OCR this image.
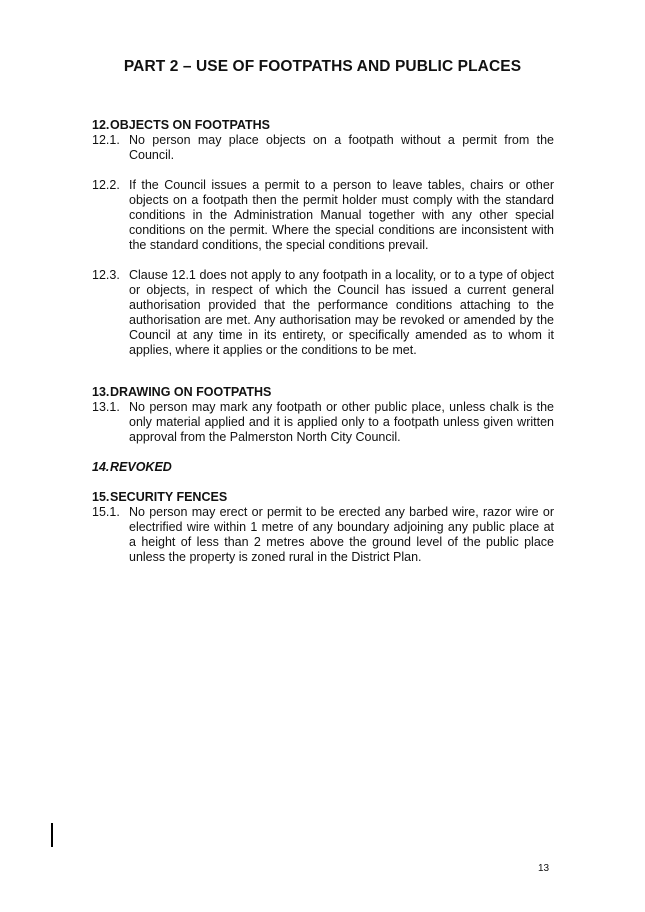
PART 2 – USE OF FOOTPATHS AND PUBLIC PLACES
12.OBJECTS ON FOOTPATHS
12.1. No person may place objects on a footpath without a permit from the Council.
12.2. If the Council issues a permit to a person to leave tables, chairs or other objects on a footpath then the permit holder must comply with the standard conditions in the Administration Manual together with any other special conditions on the permit. Where the special conditions are inconsistent with the standard conditions, the special conditions prevail.
12.3. Clause 12.1 does not apply to any footpath in a locality, or to a type of object or objects, in respect of which the Council has issued a current general authorisation provided that the performance conditions attaching to the authorisation are met. Any authorisation may be revoked or amended by the Council at any time in its entirety, or specifically amended as to whom it applies, where it applies or the conditions to be met.
13.DRAWING ON FOOTPATHS
13.1. No person may mark any footpath or other public place, unless chalk is the only material applied and it is applied only to a footpath unless given written approval from the Palmerston North City Council.
14.REVOKED
15.SECURITY FENCES
15.1. No person may erect or permit to be erected any barbed wire, razor wire or electrified wire within 1 metre of any boundary adjoining any public place at a height of less than 2 metres above the ground level of the public place unless the property is zoned rural in the District Plan.
13
